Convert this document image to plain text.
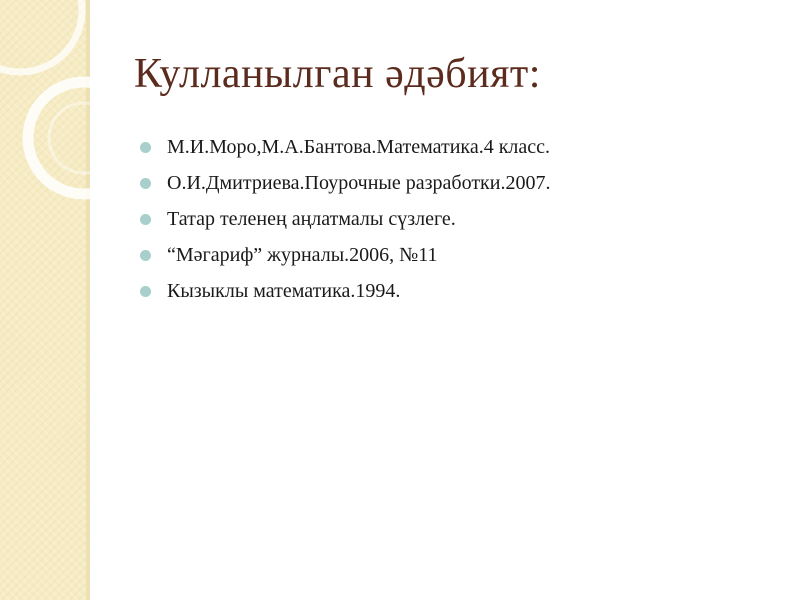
Кулланылган әдәбият:
М.И.Моро,М.А.Бантова.Математика.4 класс.
О.И.Дмитриева.Поурочные разработки.2007.
Татар теленең аңлатмалы сүзлеге.
“Мәгариф” журналы.2006, №11
Кызыклы математика.1994.
